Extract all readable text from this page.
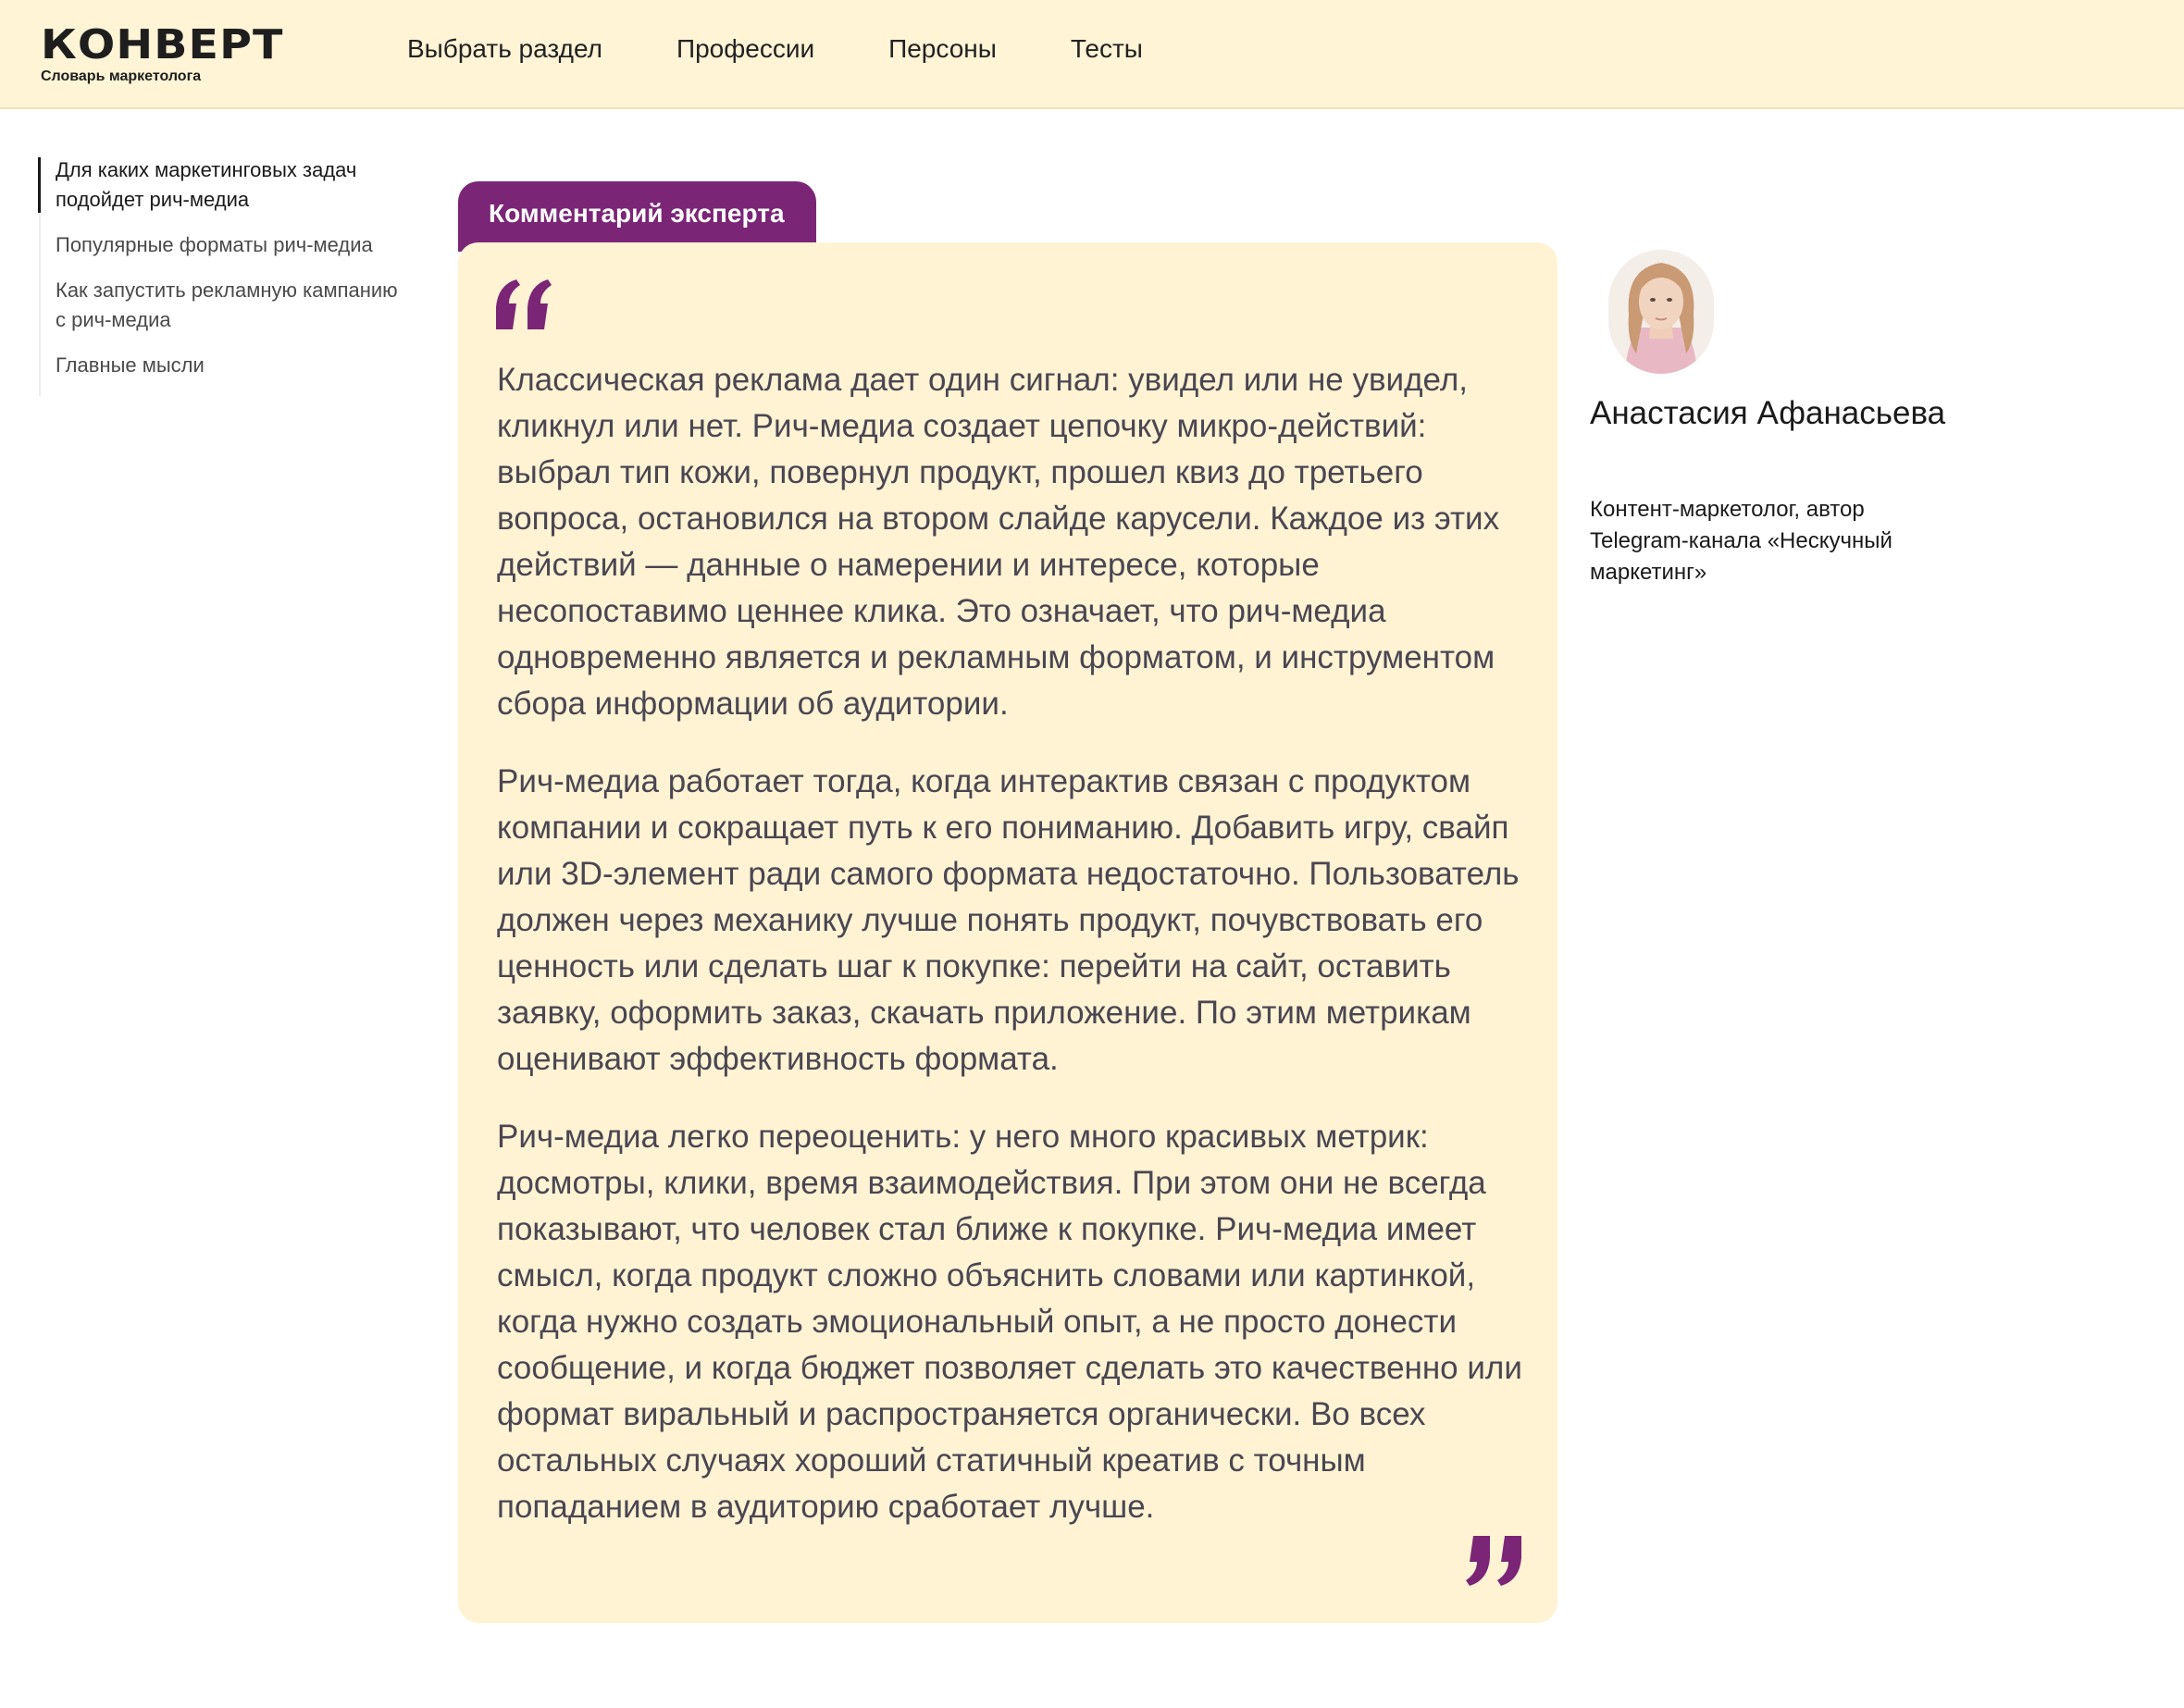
КОНВЕРТ
Словарь маркетолога
Выбрать раздел	Профессии	Персоны	Тесты
Для каких маркетинговых задач подойдет рич-медиа
Популярные форматы рич-медиа
Как запустить рекламную кампанию с рич-медиа
Главные мысли
Комментарий эксперта

Классическая реклама дает один сигнал: увидел или не увидел, кликнул или нет. Рич-медиа создает цепочку микро-действий: выбрал тип кожи, повернул продукт, прошел квиз до третьего вопроса, остановился на втором слайде карусели. Каждое из этих действий — данные о намерении и интересе, которые несопоставимо ценнее клика. Это означает, что рич-медиа одновременно является и рекламным форматом, и инструментом сбора информации об аудитории.

Рич-медиа работает тогда, когда интерактив связан с продуктом компании и сокращает путь к его пониманию. Добавить игру, свайп или 3D-элемент ради самого формата недостаточно. Пользователь должен через механику лучше понять продукт, почувствовать его ценность или сделать шаг к покупке: перейти на сайт, оставить заявку, оформить заказ, скачать приложение. По этим метрикам оценивают эффективность формата.

Рич-медиа легко переоценить: у него много красивых метрик: досмотры, клики, время взаимодействия. При этом они не всегда показывают, что человек стал ближе к покупке. Рич-медиа имеет смысл, когда продукт сложно объяснить словами или картинкой, когда нужно создать эмоциональный опыт, а не просто донести сообщение, и когда бюджет позволяет сделать это качественно или формат виральный и распространяется органически. Во всех остальных случаях хороший статичный креатив с точным попаданием в аудиторию сработает лучше.

Анастасия Афанасьева
Контент-маркетолог, автор Telegram-канала «Нескучный маркетинг»
